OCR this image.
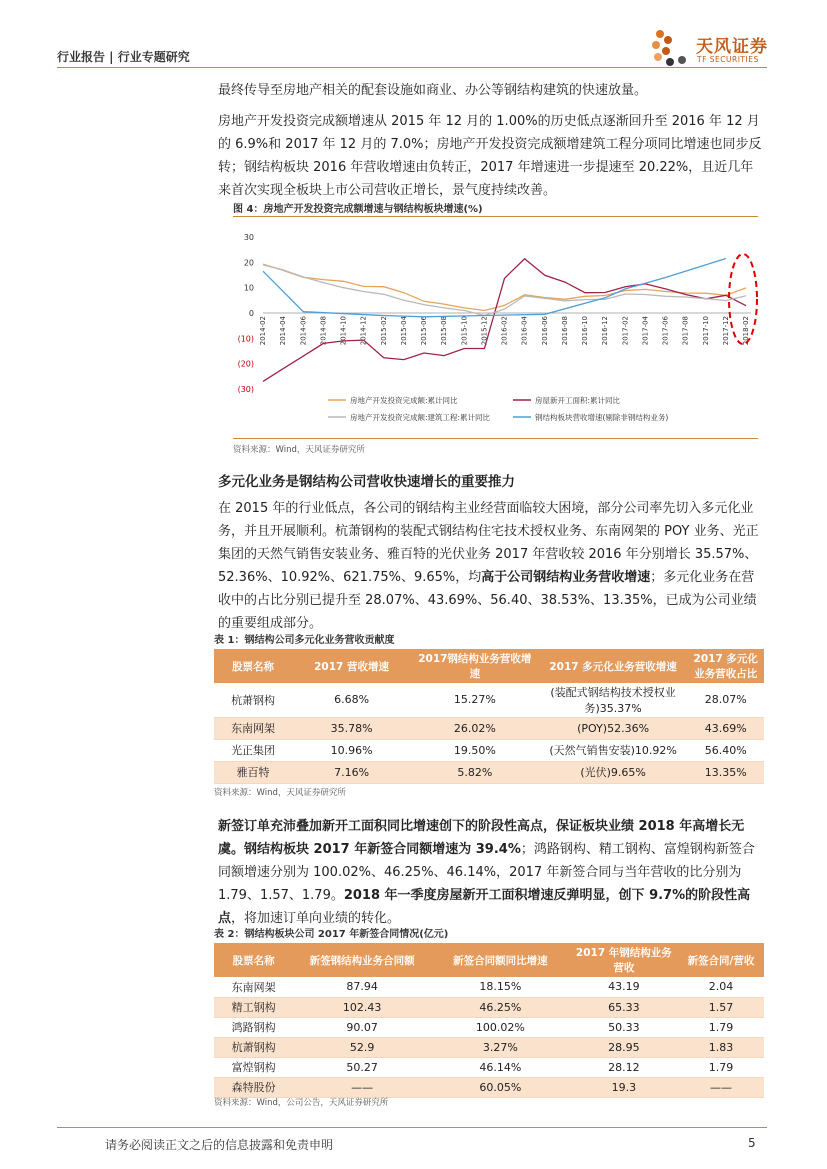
行业报告 | 行业专题研究	天风证券
TF SECURITIES
最终传导至房地产相关的配套设施如商业、办公等钢结构建筑的快速放量。
房地产开发投资完成额增速从 2015 年 12 月的 1.00%的历史低点逐渐回升至 2016 年 12 月的 6.9%和 2017 年 12 月的 7.0%；房地产开发投资完成额增建筑工程分项同比增速也同步反转；钢结构板块 2016 年营收增速由负转正，2017 年增速进一步提速至 20.22%，且近几年来首次实现全板块上市公司营收正增长，景气度持续改善。
图 4：房地产开发投资完成额增速与钢结构板块增速(%)
30
20
10
0
(10)
(20)
(30)
2014-02 2014-04 2014-06 2014-08 2014-10 2014-12 2015-02 2015-04 2015-06 2015-08 2015-10 2015-12 2016-02 2016-04 2016-06 2016-08 2016-10 2016-12 2017-02 2017-04 2017-06 2017-08 2017-10 2017-12 2018-02
房地产开发投资完成额:累计同比	房屋新开工面积:累计同比
房地产开发投资完成额:建筑工程:累计同比	钢结构板块营收增速(剔除非钢结构业务)
资料来源：Wind，天风证券研究所
多元化业务是钢结构公司营收快速增长的重要推力
在 2015 年的行业低点，各公司的钢结构主业经营面临较大困境，部分公司率先切入多元化业务，并且开展顺利。杭萧钢构的装配式钢结构住宅技术授权业务、东南网架的 POY 业务、光正集团的天然气销售安装业务、雅百特的光伏业务 2017 年营收较 2016 年分别增长 35.57%、52.36%、10.92%、621.75%、9.65%，均高于公司钢结构业务营收增速；多元化业务在营收中的占比分别已提升至 28.07%、43.69%、56.40、38.53%、13.35%，已成为公司业绩的重要组成部分。
表 1：钢结构公司多元化业务营收贡献度
股票名称	2017 营收增速	2017钢结构业务营收增速	2017 多元化业务营收增速	2017 多元化业务营收占比
杭萧钢构	6.68%	15.27%	(装配式钢结构技术授权业务)35.37%	28.07%
东南网架	35.78%	26.02%	(POY)52.36%	43.69%
光正集团	10.96%	19.50%	(天然气销售安装)10.92%	56.40%
雅百特	7.16%	5.82%	(光伏)9.65%	13.35%
资料来源：Wind，天风证券研究所
新签订单充沛叠加新开工面积同比增速创下的阶段性高点，保证板块业绩 2018 年高增长无虞。钢结构板块 2017 年新签合同额增速为 39.4%；鸿路钢构、精工钢构、富煌钢构新签合同额增速分别为 100.02%、46.25%、46.14%，2017 年新签合同与当年营收的比分别为 1.79、1.57、1.79。2018 年一季度房屋新开工面积增速反弹明显，创下 9.7%的阶段性高点，将加速订单向业绩的转化。
表 2：钢结构板块公司 2017 年新签合同情况(亿元)
股票名称	新签钢结构业务合同额	新签合同额同比增速	2017 年钢结构业务营收	新签合同/营收
东南网架	87.94	18.15%	43.19	2.04
精工钢构	102.43	46.25%	65.33	1.57
鸿路钢构	90.07	100.02%	50.33	1.79
杭萧钢构	52.9	3.27%	28.95	1.83
富煌钢构	50.27	46.14%	28.12	1.79
森特股份	——	60.05%	19.3	——
资料来源：Wind，公司公告，天风证券研究所
请务必阅读正文之后的信息披露和免责申明	5
